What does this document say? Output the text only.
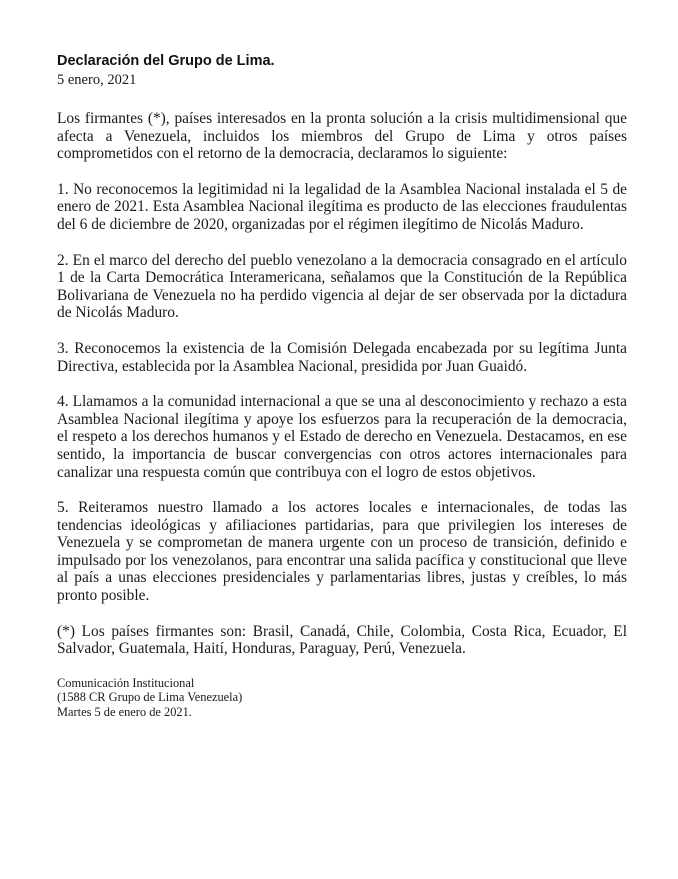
Declaración del Grupo de Lima.

5 enero, 2021

Los firmantes (*), países interesados en la pronta solución a la crisis multidimensional que afecta a Venezuela, incluidos los miembros del Grupo de Lima y otros países comprometidos con el retorno de la democracia, declaramos lo siguiente:

1. No reconocemos la legitimidad ni la legalidad de la Asamblea Nacional instalada el 5 de enero de 2021. Esta Asamblea Nacional ilegítima es producto de las elecciones fraudulentas del 6 de diciembre de 2020, organizadas por el régimen ilegítimo de Nicolás Maduro.

2. En el marco del derecho del pueblo venezolano a la democracia consagrado en el artículo 1 de la Carta Democrática Interamericana, señalamos que la Constitución de la República Bolivariana de Venezuela no ha perdido vigencia al dejar de ser observada por la dictadura de Nicolás Maduro.

3. Reconocemos la existencia de la Comisión Delegada encabezada por su legítima Junta Directiva, establecida por la Asamblea Nacional, presidida por Juan Guaidó.

4. Llamamos a la comunidad internacional a que se una al desconocimiento y rechazo a esta Asamblea Nacional ilegítima y apoye los esfuerzos para la recuperación de la democracia, el respeto a los derechos humanos y el Estado de derecho en Venezuela. Destacamos, en ese sentido, la importancia de buscar convergencias con otros actores internacionales para canalizar una respuesta común que contribuya con el logro de estos objetivos.

5. Reiteramos nuestro llamado a los actores locales e internacionales, de todas las tendencias ideológicas y afiliaciones partidarias, para que privilegien los intereses de Venezuela y se comprometan de manera urgente con un proceso de transición, definido e impulsado por los venezolanos, para encontrar una salida pacífica y constitucional que lleve al país a unas elecciones presidenciales y parlamentarias libres, justas y creíbles, lo más pronto posible.

(*) Los países firmantes son: Brasil, Canadá, Chile, Colombia, Costa Rica, Ecuador, El Salvador, Guatemala, Haití, Honduras, Paraguay, Perú, Venezuela.

Comunicación Institucional
(1588 CR Grupo de Lima Venezuela)
Martes 5 de enero de 2021.
